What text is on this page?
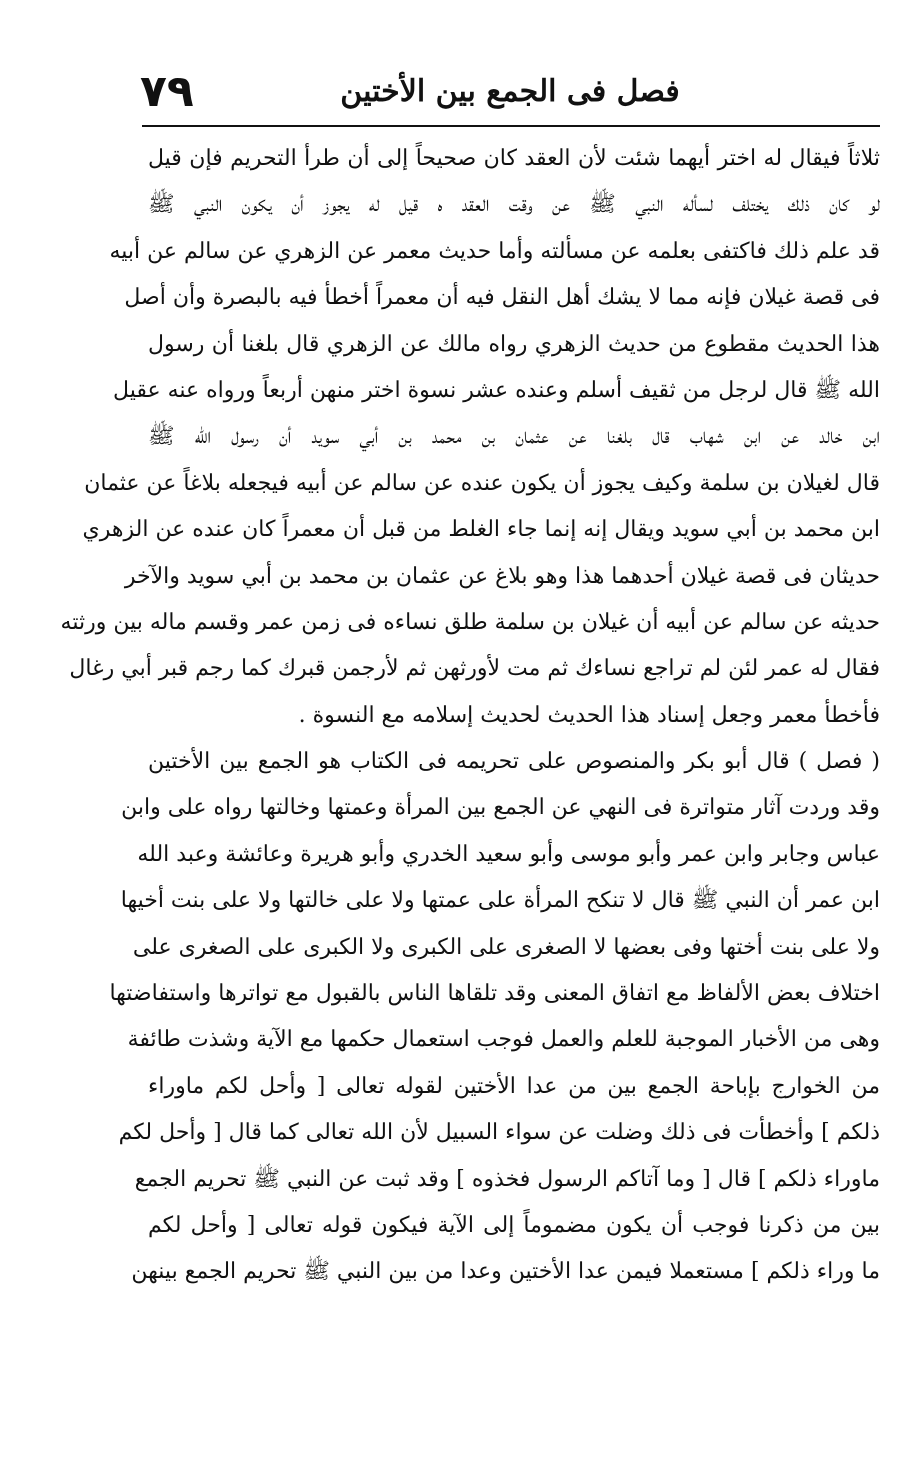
٧٩	فصل فى الجمع بين الأختين
ثلاثاً فيقال له اختر أيهما شئت لأن العقد كان صحيحاً إلى أن طرأ التحريم فإن قيل
لو كان ذلك يختلف لسأله النبي ﷺ عن وقت العقد ه قيل له يجوز أن يكون النبي ﷺ
قد علم ذلك فاكتفى بعلمه عن مسألته وأما حديث معمر عن الزهري عن سالم عن أبيه
فى قصة غيلان فإنه مما لا يشك أهل النقل فيه أن معمراً أخطأ فيه بالبصرة وأن أصل
هذا الحديث مقطوع من حديث الزهري رواه مالك عن الزهري قال بلغنا أن رسول
الله ﷺ قال لرجل من ثقيف أسلم وعنده عشر نسوة اختر منهن أربعاً ورواه عنه عقيل
ابن خالد عن ابن شهاب قال بلغنا عن عثمان بن محمد بن أبي سويد أن رسول الله ﷺ
قال لغيلان بن سلمة وكيف يجوز أن يكون عنده عن سالم عن أبيه فيجعله بلاغاً عن عثمان
ابن محمد بن أبي سويد ويقال إنه إنما جاء الغلط من قبل أن معمراً كان عنده عن الزهري
حديثان فى قصة غيلان أحدهما هذا وهو بلاغ عن عثمان بن محمد بن أبي سويد والآخر
حديثه عن سالم عن أبيه أن غيلان بن سلمة طلق نساءه فى زمن عمر وقسم ماله بين ورثته
فقال له عمر لئن لم تراجع نساءك ثم مت لأورثهن ثم لأرجمن قبرك كما رجم قبر أبي رغال
فأخطأ معمر وجعل إسناد هذا الحديث لحديث إسلامه مع النسوة .
( فصل ) قال أبو بكر والمنصوص على تحريمه فى الكتاب هو الجمع بين الأختين
وقد وردت آثار متواترة فى النهي عن الجمع بين المرأة وعمتها وخالتها رواه على وابن
عباس وجابر وابن عمر وأبو موسى وأبو سعيد الخدري وأبو هريرة وعائشة وعبد الله
ابن عمر أن النبي ﷺ قال لا تنكح المرأة على عمتها ولا على خالتها ولا على بنت أخيها
ولا على بنت أختها وفى بعضها لا الصغرى على الكبرى ولا الكبرى على الصغرى على
اختلاف بعض الألفاظ مع اتفاق المعنى وقد تلقاها الناس بالقبول مع تواترها واستفاضتها
وهى من الأخبار الموجبة للعلم والعمل فوجب استعمال حكمها مع الآية وشذت طائفة
من الخوارج بإباحة الجمع بين من عدا الأختين لقوله تعالى [ وأحل لكم ماوراء
ذلكم ] وأخطأت فى ذلك وضلت عن سواء السبيل لأن الله تعالى كما قال [ وأحل لكم
ماوراء ذلكم ] قال [ وما آتاكم الرسول فخذوه ] وقد ثبت عن النبي ﷺ تحريم الجمع
بين من ذكرنا فوجب أن يكون مضموماً إلى الآية فيكون قوله تعالى [ وأحل لكم
ما وراء ذلكم ] مستعملا فيمن عدا الأختين وعدا من بين النبي ﷺ تحريم الجمع بينهن
